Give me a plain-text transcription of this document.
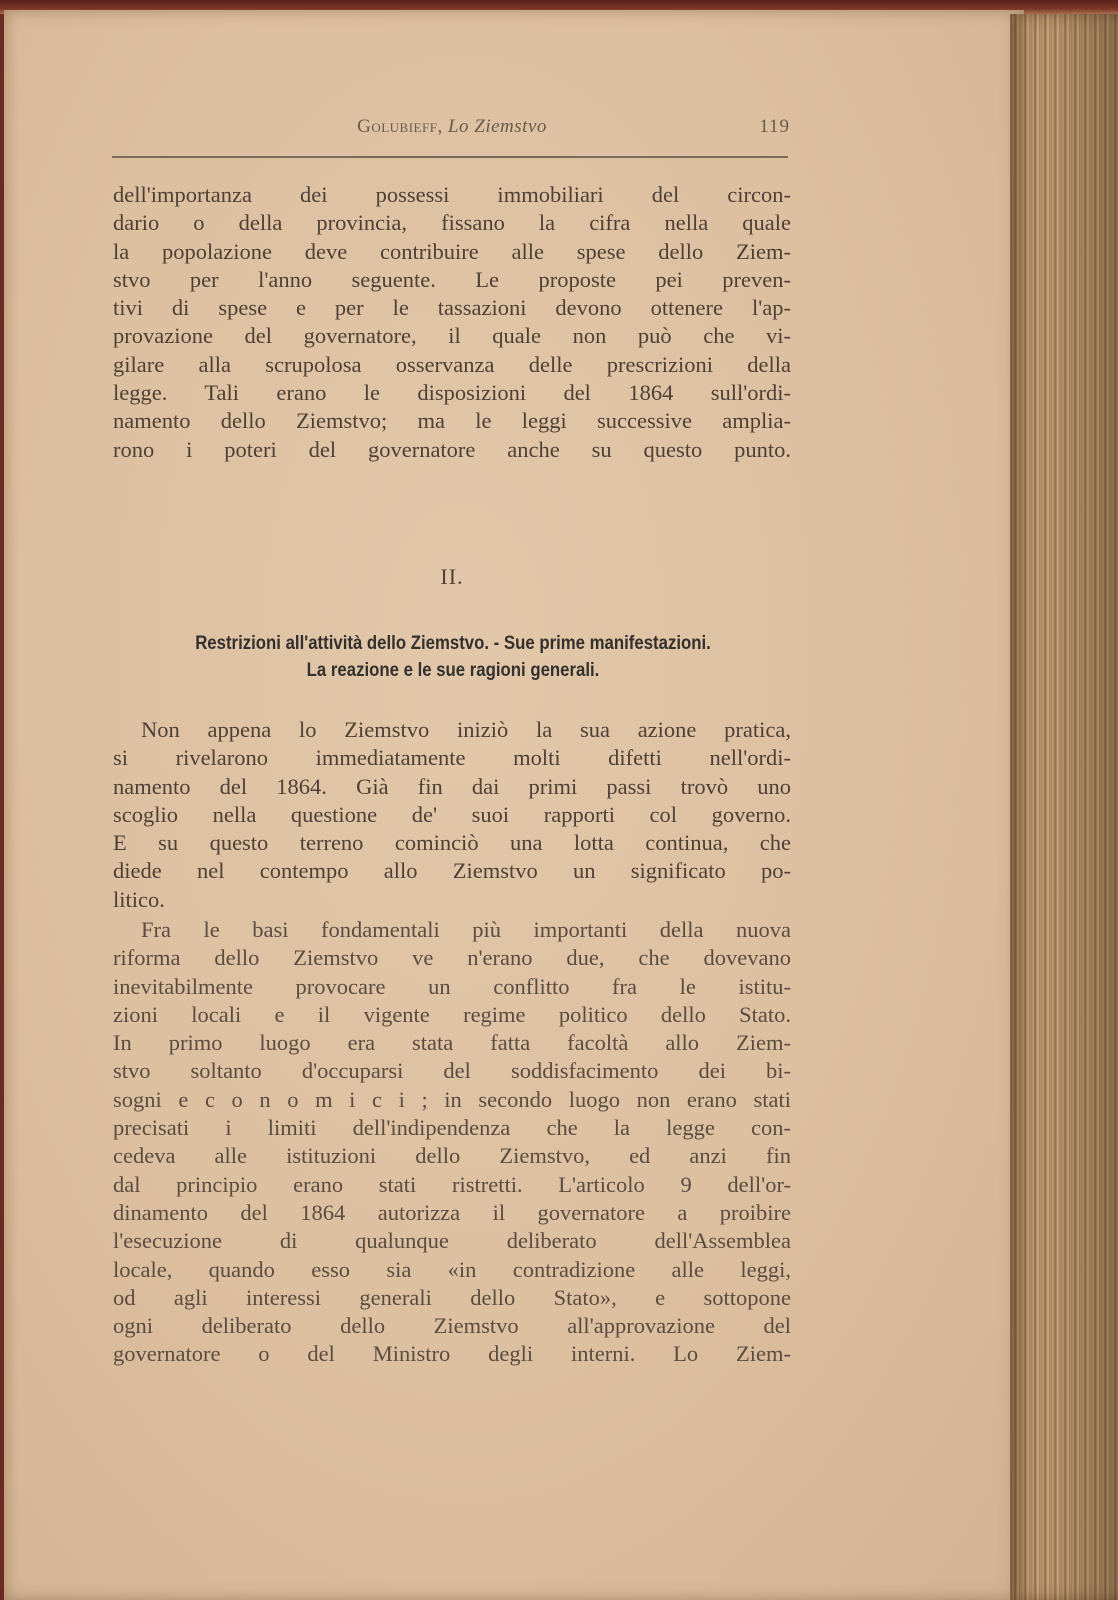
Golubieff, Lo Ziemstvo	119
dell'importanza dei possessi immobiliari del circon-
dario o della provincia, fissano la cifra nella quale
la popolazione deve contribuire alle spese dello Ziem-
stvo per l'anno seguente. Le proposte pei preven-
tivi di spese e per le tassazioni devono ottenere l'ap-
provazione del governatore, il quale non può che vi-
gilare alla scrupolosa osservanza delle prescrizioni della
legge. Tali erano le disposizioni del 1864 sull'ordi-
namento dello Ziemstvo; ma le leggi successive amplia-
rono i poteri del governatore anche su questo punto.
II.
Restrizioni all'attività dello Ziemstvo. - Sue prime manifestazioni.
La reazione e le sue ragioni generali.
Non appena lo Ziemstvo iniziò la sua azione pratica,
si rivelarono immediatamente molti difetti nell'ordi-
namento del 1864. Già fin dai primi passi trovò uno
scoglio nella questione de' suoi rapporti col governo.
E su questo terreno cominciò una lotta continua, che
diede nel contempo allo Ziemstvo un significato po-
litico.
Fra le basi fondamentali più importanti della nuova
riforma dello Ziemstvo ve n'erano due, che dovevano
inevitabilmente provocare un conflitto fra le istitu-
zioni locali e il vigente regime politico dello Stato.
In primo luogo era stata fatta facoltà allo Ziem-
stvo soltanto d'occuparsi del soddisfacimento dei bi-
sogni e c o n o m i c i ; in secondo luogo non erano stati
precisati i limiti dell'indipendenza che la legge con-
cedeva alle istituzioni dello Ziemstvo, ed anzi fin
dal principio erano stati ristretti. L'articolo 9 dell'or-
dinamento del 1864 autorizza il governatore a proibire
l'esecuzione di qualunque deliberato dell'Assemblea
locale, quando esso sia «in contradizione alle leggi,
od agli interessi generali dello Stato», e sottopone
ogni deliberato dello Ziemstvo all'approvazione del
governatore o del Ministro degli interni. Lo Ziem-
